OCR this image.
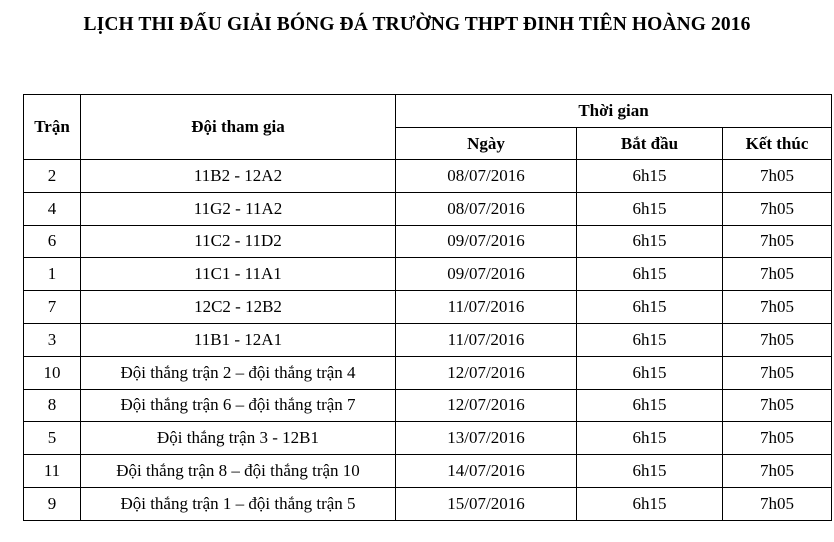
LỊCH THI ĐẤU GIẢI BÓNG ĐÁ TRƯỜNG THPT ĐINH TIÊN HOÀNG 2016
Trận	Đội tham gia	Thời gian		
		Ngày	Bắt đầu	Kết thúc
2	11B2 - 12A2	08/07/2016	6h15	7h05
4	11G2 - 11A2	08/07/2016	6h15	7h05
6	11C2 - 11D2	09/07/2016	6h15	7h05
1	11C1 - 11A1	09/07/2016	6h15	7h05
7	12C2 - 12B2	11/07/2016	6h15	7h05
3	11B1 - 12A1	11/07/2016	6h15	7h05
10	Đội thắng trận 2 – đội thắng trận 4	12/07/2016	6h15	7h05
8	Đội thắng trận 6 – đội thắng trận 7	12/07/2016	6h15	7h05
5	Đội thắng trận 3 - 12B1	13/07/2016	6h15	7h05
11	Đội thắng trận 8 – đội thắng trận 10	14/07/2016	6h15	7h05
9	Đội thắng trận 1 – đội thắng trận 5	15/07/2016	6h15	7h05
